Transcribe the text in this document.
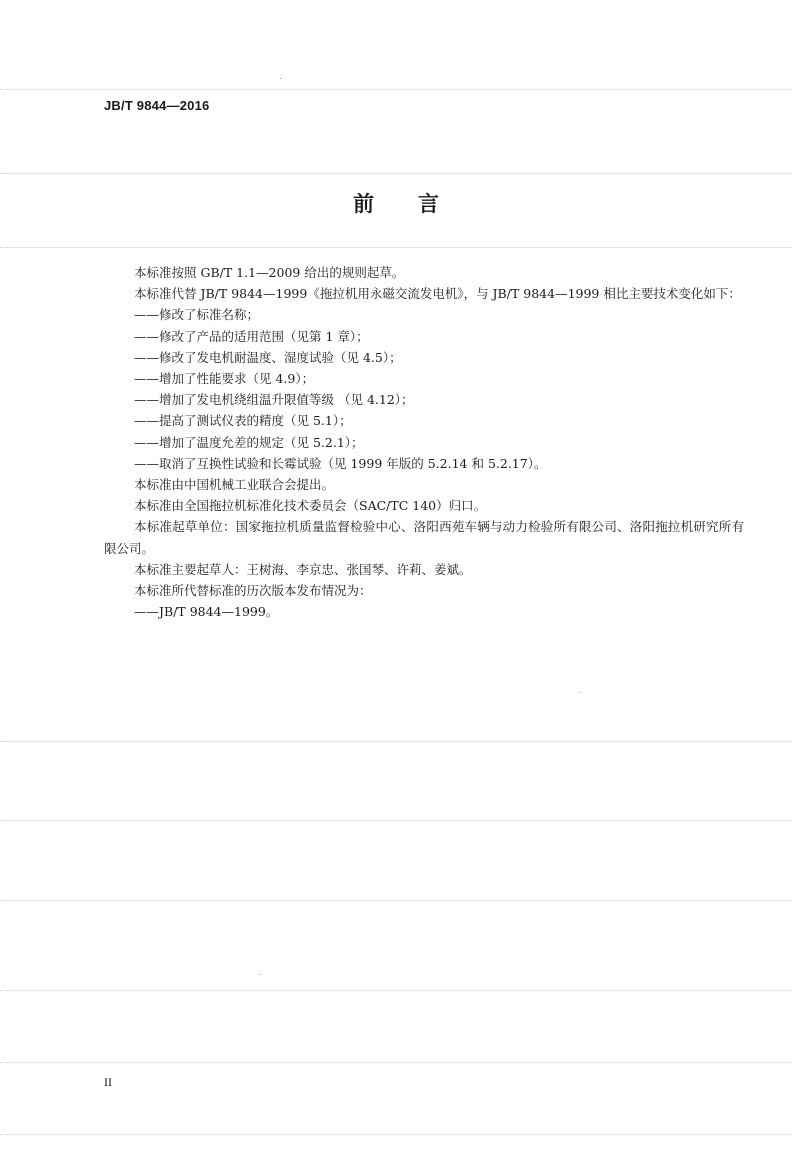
JB/T 9844—2016
前 言

本标准按照 GB/T 1.1—2009 给出的规则起草。

本标准代替 JB/T 9844—1999《拖拉机用永磁交流发电机》，与 JB/T 9844—1999 相比主要技术变化如下：

——修改了标准名称；

——修改了产品的适用范围（见第 1 章）；

——修改了发电机耐温度、湿度试验（见 4.5）；

——增加了性能要求（见 4.9）；

——增加了发电机绕组温升限值等级 （见 4.12）；

——提高了测试仪表的精度（见 5.1）；

——增加了温度允差的规定（见 5.2.1）；

——取消了互换性试验和长霉试验（见 1999 年版的 5.2.14 和 5.2.17）。

本标准由中国机械工业联合会提出。

本标准由全国拖拉机标准化技术委员会（SAC/TC 140）归口。

本标准起草单位：国家拖拉机质量监督检验中心、洛阳西苑车辆与动力检验所有限公司、洛阳拖拉机研究所有限公司。

本标准主要起草人：王树海、李京忠、张国琴、许莉、姜斌。

本标准所代替标准的历次版本发布情况为：

——JB/T 9844—1999。

II
